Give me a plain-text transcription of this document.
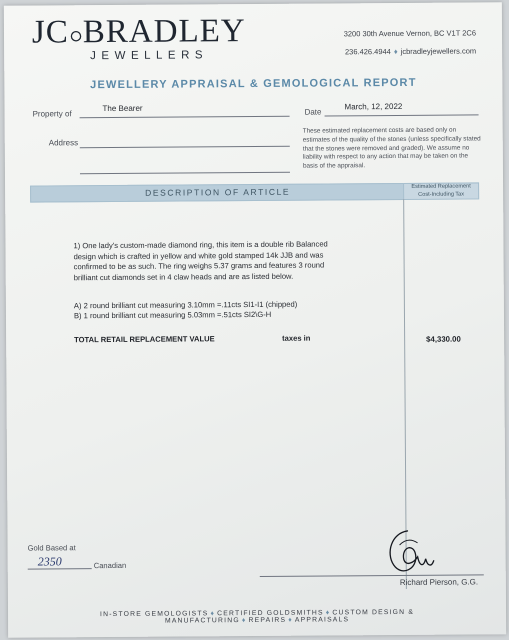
JC BRADLEY
JEWELLERS
3200 30th Avenue Vernon, BC V1T 2C6
236.426.4944 ♦ jcbradleyjewellers.com
JEWELLERY APPRAISAL & GEMOLOGICAL REPORT
Property of
The Bearer	Date
March, 12, 2022
Address
These estimated replacement costs are based only on estimates of the quality of the stones (unless specifically stated that the stones were removed and graded). We assume no liability with respect to any action that may be taken on the basis of the appraisal.
DESCRIPTION OF ARTICLE
Estimated Replacement Cost-Including Tax
1) One lady's custom-made diamond ring, this item is a double rib Balanced design which is crafted in yellow and white gold stamped 14k JJB and was confirmed to be as such. The ring weighs 5.37 grams and features 3 round brilliant cut diamonds set in 4 claw heads and are as listed below.
A) 2 round brilliant cut measuring 3.10mm =.11cts SI1-I1 (chipped)
B) 1 round brilliant cut measuring 5.03mm =.51cts SI2\G-H
TOTAL RETAIL REPLACEMENT VALUE	taxes in	$4,330.00
Gold Based at
2350	Canadian
Richard Pierson, G.G.
IN-STORE GEMOLOGISTS ♦ CERTIFIED GOLDSMITHS ♦ CUSTOM DESIGN & MANUFACTURING ♦ REPAIRS ♦ APPRAISALS
